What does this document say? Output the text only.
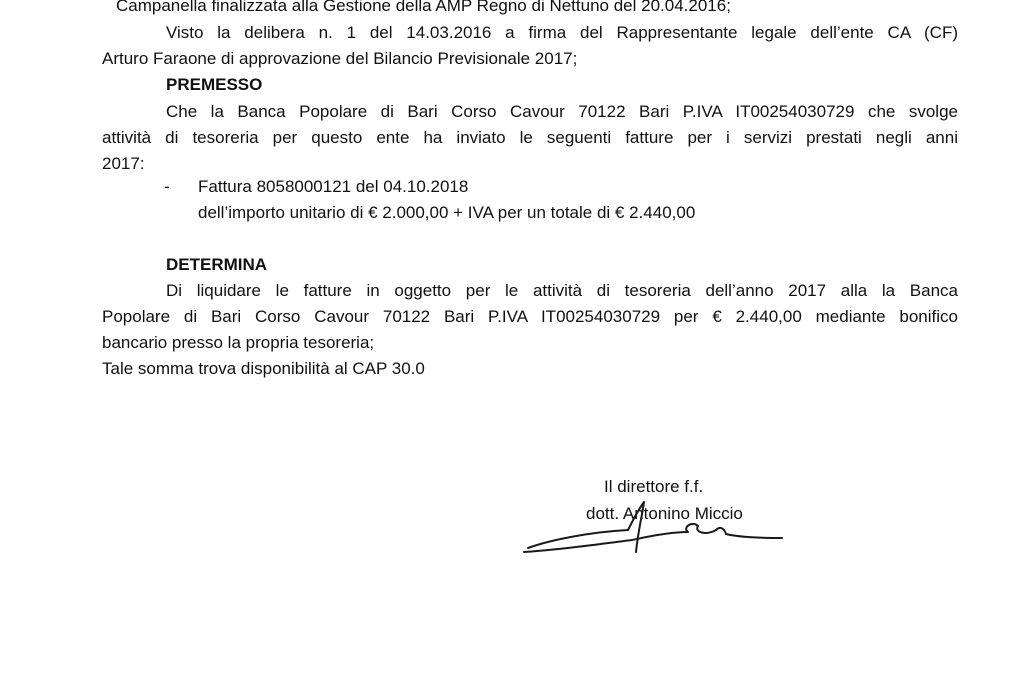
Campanella finalizzata alla Gestione della AMP Regno di Nettuno del 20.04.2016;
Visto la delibera n. 1 del 14.03.2016 a firma del Rappresentante legale dell’ente CA (CF)
Arturo Faraone di approvazione del Bilancio Previsionale 2017;
PREMESSO
Che la Banca Popolare di Bari Corso Cavour 70122 Bari P.IVA IT00254030729 che svolge
attività di tesoreria per questo ente ha inviato le seguenti fatture per i servizi prestati negli anni
2017:
- Fattura 8058000121 del 04.10.2018
dell’importo unitario di € 2.000,00 + IVA per un totale di € 2.440,00
DETERMINA
Di liquidare le fatture in oggetto per le attività di tesoreria dell’anno 2017 alla la Banca
Popolare di Bari Corso Cavour 70122 Bari P.IVA IT00254030729 per € 2.440,00 mediante bonifico
bancario presso la propria tesoreria;
Tale somma trova disponibilità al CAP 30.0
Il direttore f.f.
dott. Antonino Miccio
